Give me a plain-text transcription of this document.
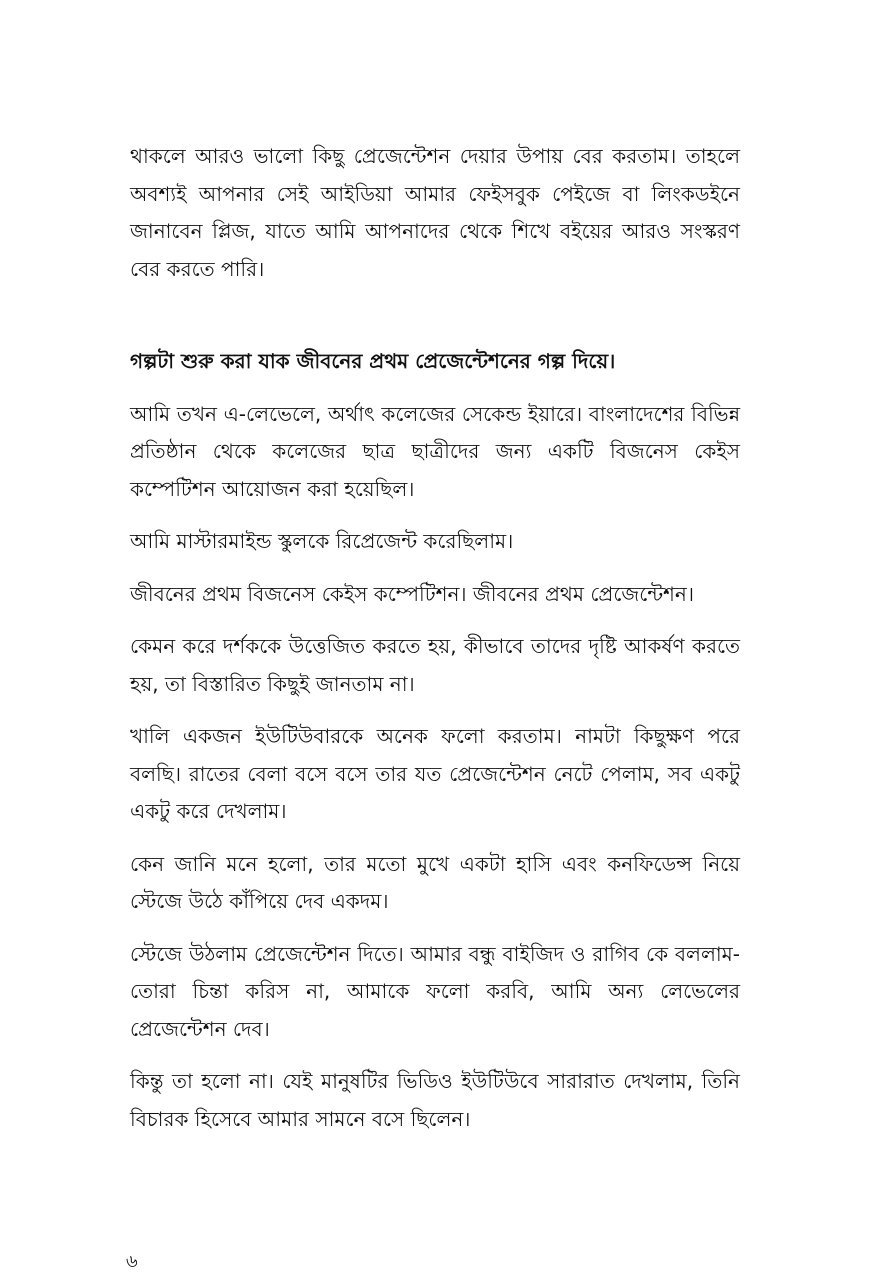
থাকলে আরও ভালো কিছু প্রেজেন্টেশন দেয়ার উপায় বের করতাম। তাহলে অবশ্যই আপনার সেই আইডিয়া আমার ফেইসবুক পেইজে বা লিংকডইনে জানাবেন প্লিজ, যাতে আমি আপনাদের থেকে শিখে বইয়ের আরও সংস্করণ বের করতে পারি।

গল্পটা শুরু করা যাক জীবনের প্রথম প্রেজেন্টেশনের গল্প দিয়ে।

আমি তখন এ-লেভেলে, অর্থাৎ কলেজের সেকেন্ড ইয়ারে। বাংলাদেশের বিভিন্ন প্রতিষ্ঠান থেকে কলেজের ছাত্র ছাত্রীদের জন্য একটি বিজনেস কেইস কম্পেটিশন আয়োজন করা হয়েছিল।

আমি মাস্টারমাইন্ড স্কুলকে রিপ্রেজেন্ট করেছিলাম।

জীবনের প্রথম বিজনেস কেইস কম্পেটিশন। জীবনের প্রথম প্রেজেন্টেশন।

কেমন করে দর্শককে উত্তেজিত করতে হয়, কীভাবে তাদের দৃষ্টি আকর্ষণ করতে হয়, তা বিস্তারিত কিছুই জানতাম না।

খালি একজন ইউটিউবারকে অনেক ফলো করতাম। নামটা কিছুক্ষণ পরে বলছি। রাতের বেলা বসে বসে তার যত প্রেজেন্টেশন নেটে পেলাম, সব একটু একটু করে দেখলাম।

কেন জানি মনে হলো, তার মতো মুখে একটা হাসি এবং কনফিডেন্স নিয়ে স্টেজে উঠে কাঁপিয়ে দেব একদম।

স্টেজে উঠলাম প্রেজেন্টেশন দিতে। আমার বন্ধু বাইজিদ ও রাগিব কে বললাম- তোরা চিন্তা করিস না, আমাকে ফলো করবি, আমি অন্য লেভেলের প্রেজেন্টেশন দেব।

কিন্তু তা হলো না। যেই মানুষটির ভিডিও ইউটিউবে সারারাত দেখলাম, তিনি বিচারক হিসেবে আমার সামনে বসে ছিলেন।

৬
